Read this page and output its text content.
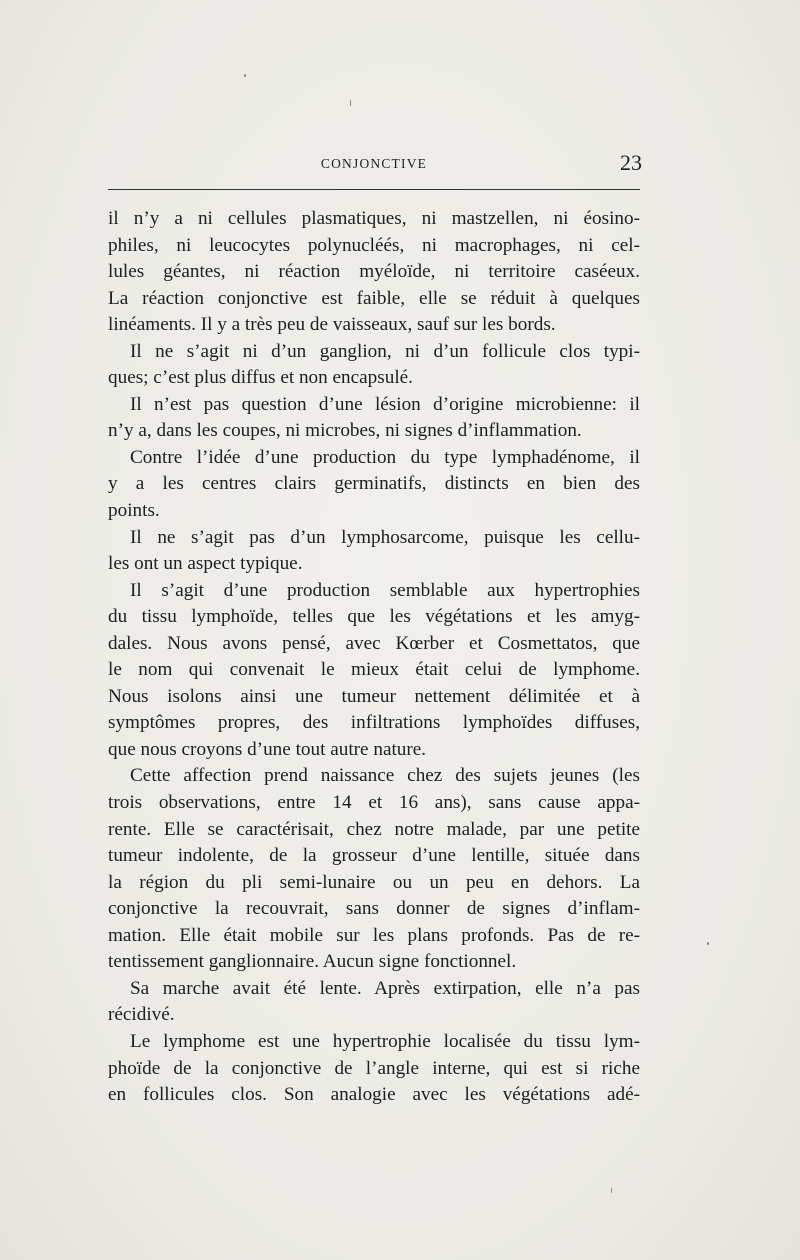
CONJONCTIVE	23
il n’y a ni cellules plasmatiques, ni mastzellen, ni éosino-
philes, ni leucocytes polynucléés, ni macrophages, ni cel-
lules géantes, ni réaction myéloïde, ni territoire caséeux.
La réaction conjonctive est faible, elle se réduit à quelques
linéaments. Il y a très peu de vaisseaux, sauf sur les bords.
Il ne s’agit ni d’un ganglion, ni d’un follicule clos typi-
ques; c’est plus diffus et non encapsulé.
Il n’est pas question d’une lésion d’origine microbienne: il
n’y a, dans les coupes, ni microbes, ni signes d’inflammation.
Contre l’idée d’une production du type lymphadénome, il
y a les centres clairs germinatifs, distincts en bien des
points.
Il ne s’agit pas d’un lymphosarcome, puisque les cellu-
les ont un aspect typique.
Il s’agit d’une production semblable aux hypertrophies
du tissu lymphoïde, telles que les végétations et les amyg-
dales. Nous avons pensé, avec Kœrber et Cosmettatos, que
le nom qui convenait le mieux était celui de lymphome.
Nous isolons ainsi une tumeur nettement délimitée et à
symptômes propres, des infiltrations lymphoïdes diffuses,
que nous croyons d’une tout autre nature.
Cette affection prend naissance chez des sujets jeunes (les
trois observations, entre 14 et 16 ans), sans cause appa-
rente. Elle se caractérisait, chez notre malade, par une petite
tumeur indolente, de la grosseur d’une lentille, située dans
la région du pli semi-lunaire ou un peu en dehors. La
conjonctive la recouvrait, sans donner de signes d’inflam-
mation. Elle était mobile sur les plans profonds. Pas de re-
tentissement ganglionnaire. Aucun signe fonctionnel.
Sa marche avait été lente. Après extirpation, elle n’a pas
récidivé.
Le lymphome est une hypertrophie localisée du tissu lym-
phoïde de la conjonctive de l’angle interne, qui est si riche
en follicules clos. Son analogie avec les végétations adé-
